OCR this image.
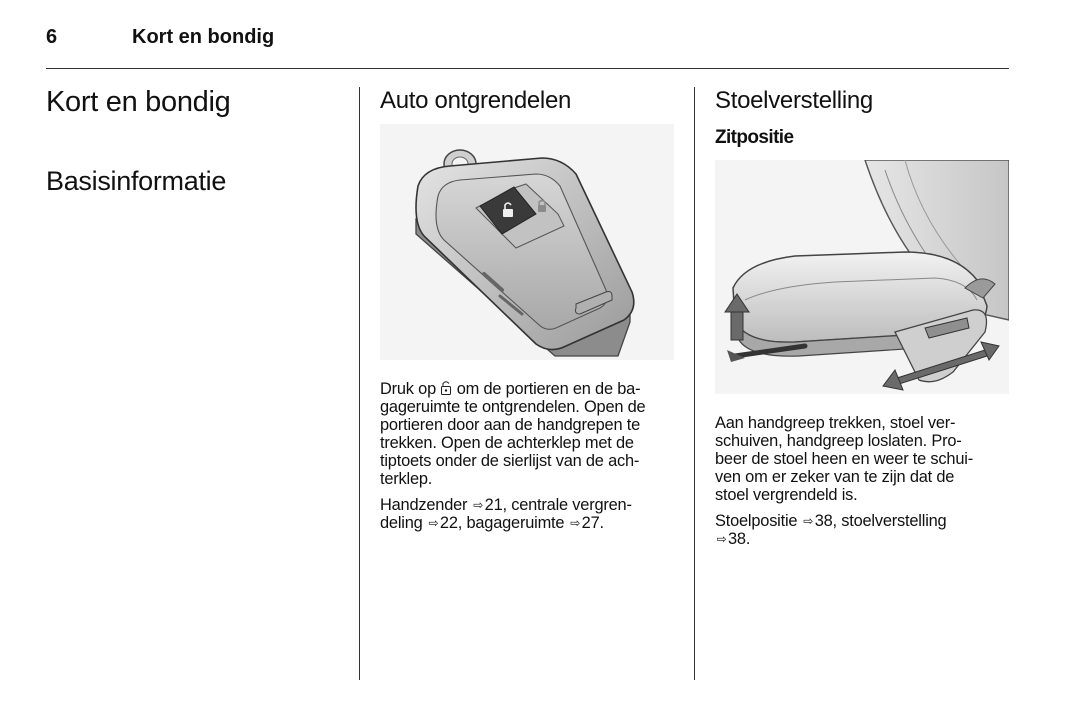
6	Kort en bondig
Kort en bondig
Basisinformatie
Auto ontgrendelen

Druk op om de portieren en de ba-
gageruimte te ontgrendelen. Open de
portieren door aan de handgrepen te
trekken. Open de achterklep met de
tiptoets onder de sierlijst van de ach-
terklep.

Handzender ⇨21, centrale vergren-
deling ⇨22, bagageruimte ⇨27.

Stoelverstelling
Zitpositie

Aan handgreep trekken, stoel ver-
schuiven, handgreep loslaten. Pro-
beer de stoel heen en weer te schui-
ven om er zeker van te zijn dat de
stoel vergrendeld is.

Stoelpositie ⇨38, stoelverstelling
⇨38.
